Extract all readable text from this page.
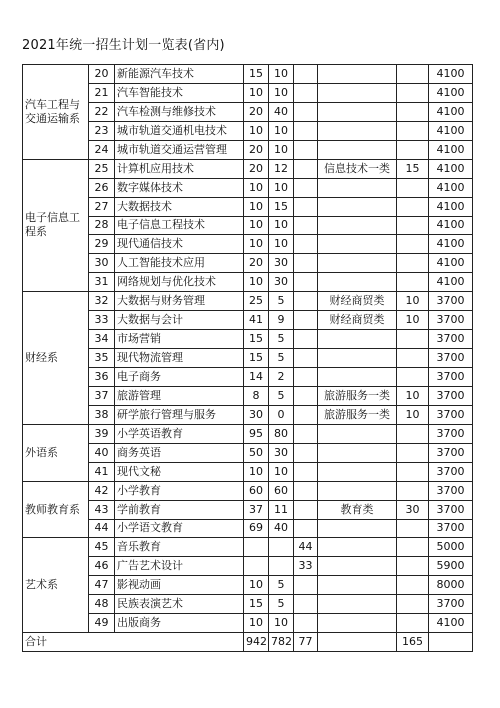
2021年统一招生计划一览表(省内)
汽车工程与交通运输系	20	新能源汽车技术	15	10				4100
	21	汽车智能技术	10	10				4100
	22	汽车检测与维修技术	20	40				4100
	23	城市轨道交通机电技术	10	10				4100
	24	城市轨道交通运营管理	20	10				4100
电子信息工程系	25	计算机应用技术	20	12		信息技术一类	15	4100
	26	数字媒体技术	10	10				4100
	27	大数据技术	10	15				4100
	28	电子信息工程技术	10	10				4100
	29	现代通信技术	10	10				4100
	30	人工智能技术应用	20	30				4100
	31	网络规划与优化技术	10	30				4100
财经系	32	大数据与财务管理	25	5		财经商贸类	10	3700
	33	大数据与会计	41	9		财经商贸类	10	3700
	34	市场营销	15	5				3700
	35	现代物流管理	15	5				3700
	36	电子商务	14	2				3700
	37	旅游管理	8	5		旅游服务一类	10	3700
	38	研学旅行管理与服务	30	0		旅游服务一类	10	3700
外语系	39	小学英语教育	95	80				3700
	40	商务英语	50	30				3700
	41	现代文秘	10	10				3700
教师教育系	42	小学教育	60	60				3700
	43	学前教育	37	11		教育类	30	3700
	44	小学语文教育	69	40				3700
艺术系	45	音乐教育			44			5000
	46	广告艺术设计			33			5900
	47	影视动画	10	5				8000
	48	民族表演艺术	15	5				3700
	49	出版商务	10	10				4100
合计			942	782	77		165	
